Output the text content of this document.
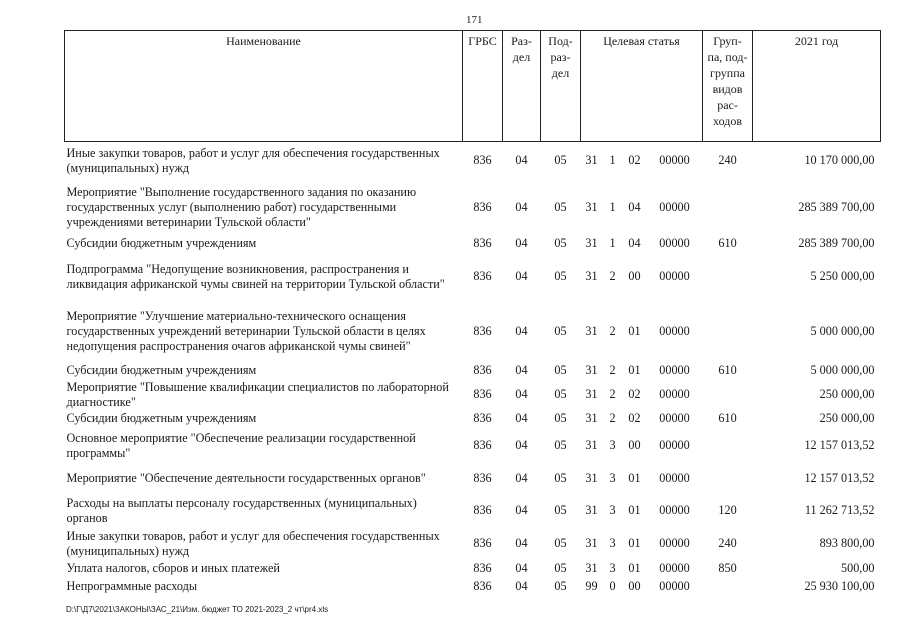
171
Наименование	ГРБС	Раз- дел	Под- раз- дел	Целевая статья				Груп- па, под- группа видов рас- ходов	2021 год
Иные закупки товаров, работ и услуг для обеспечения государственных (муниципальных) нужд	836	04	05	31	1	02	00000	240	10 170 000,00
Мероприятие "Выполнение государственного задания по оказанию государственных услуг (выполнению работ) государственными учреждениями ветеринарии Тульской области"	836	04	05	31	1	04	00000		285 389 700,00
Субсидии бюджетным учреждениям	836	04	05	31	1	04	00000	610	285 389 700,00
Подпрограмма "Недопущение возникновения, распространения и ликвидация африканской чумы свиней на территории Тульской области"	836	04	05	31	2	00	00000		5 250 000,00
Мероприятие "Улучшение материально-технического оснащения государственных учреждений ветеринарии Тульской области в целях недопущения распространения очагов африканской чумы свиней"	836	04	05	31	2	01	00000		5 000 000,00
Субсидии бюджетным учреждениям	836	04	05	31	2	01	00000	610	5 000 000,00
Мероприятие "Повышение квалификации специалистов по лабораторной диагностике"	836	04	05	31	2	02	00000		250 000,00
Субсидии бюджетным учреждениям	836	04	05	31	2	02	00000	610	250 000,00
Основное мероприятие "Обеспечение реализации государственной программы"	836	04	05	31	3	00	00000		12 157 013,52
Мероприятие "Обеспечение деятельности государственных органов"	836	04	05	31	3	01	00000		12 157 013,52
Расходы на выплаты персоналу государственных (муниципальных) органов	836	04	05	31	3	01	00000	120	11 262 713,52
Иные закупки товаров, работ и услуг для обеспечения государственных (муниципальных) нужд	836	04	05	31	3	01	00000	240	893 800,00
Уплата налогов, сборов и иных платежей	836	04	05	31	3	01	00000	850	500,00
Непрограммные расходы	836	04	05	99	0	00	00000		25 930 100,00
D:\Г\Д7\2021\ЗАКОНЫ\ЗАС_21\Изм. бюджет ТО 2021-2023_2 чт\pr4.xls
